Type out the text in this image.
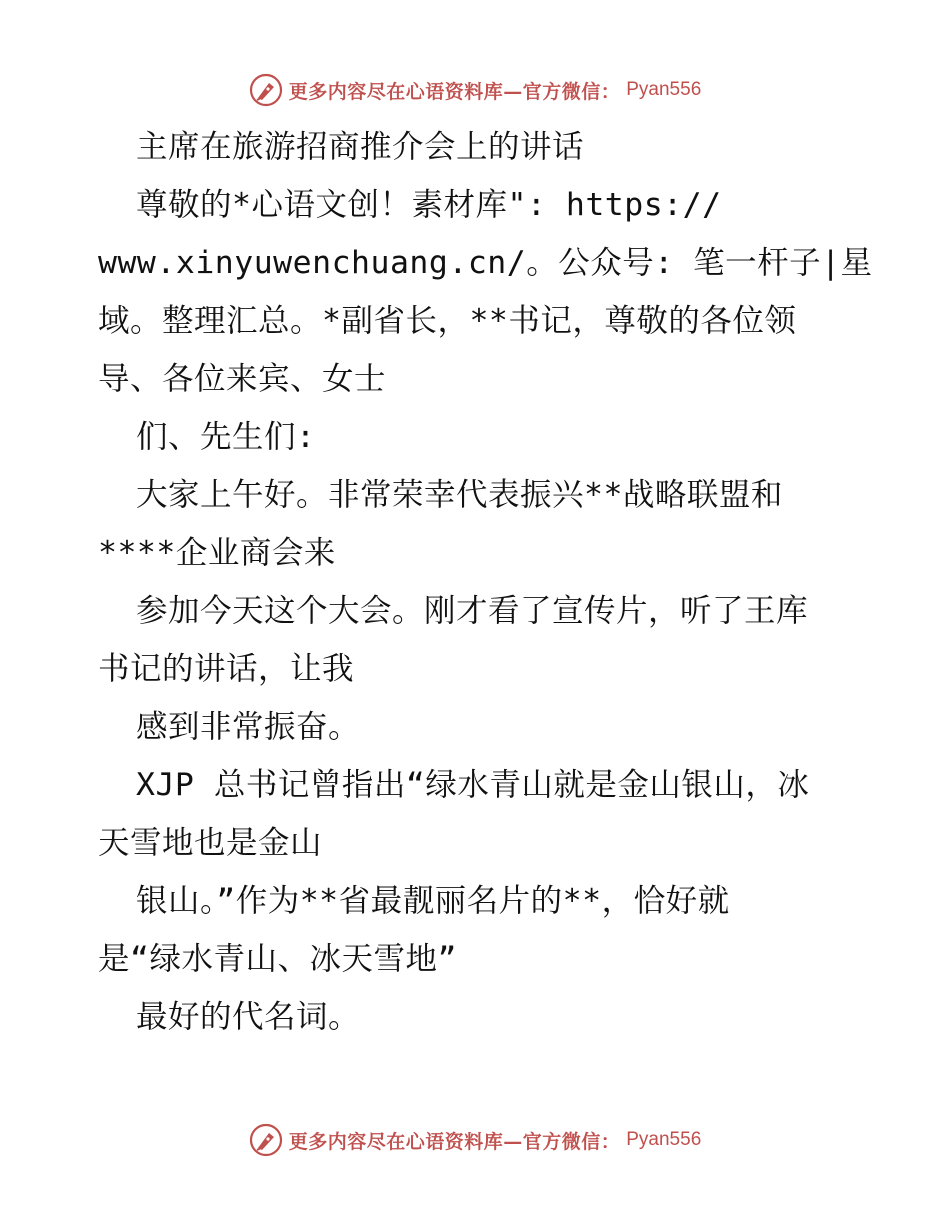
更多内容尽在心语资料库—官方微信： Pyan556
主席在旅游招商推介会上的讲话
尊敬的*心语文创！素材库": https://
www.xinyuwenchuang.cn/。公众号: 笔一杆子|星
域。整理汇总。*副省长，**书记，尊敬的各位领
导、各位来宾、女士
们、先生们:
大家上午好。非常荣幸代表振兴**战略联盟和
****企业商会来
参加今天这个大会。刚才看了宣传片，听了王库
书记的讲话，让我
感到非常振奋。
XJP 总书记曾指出“绿水青山就是金山银山，冰
天雪地也是金山
银山。”作为**省最靓丽名片的**，恰好就
是“绿水青山、冰天雪地”
最好的代名词。
更多内容尽在心语资料库—官方微信： Pyan556
